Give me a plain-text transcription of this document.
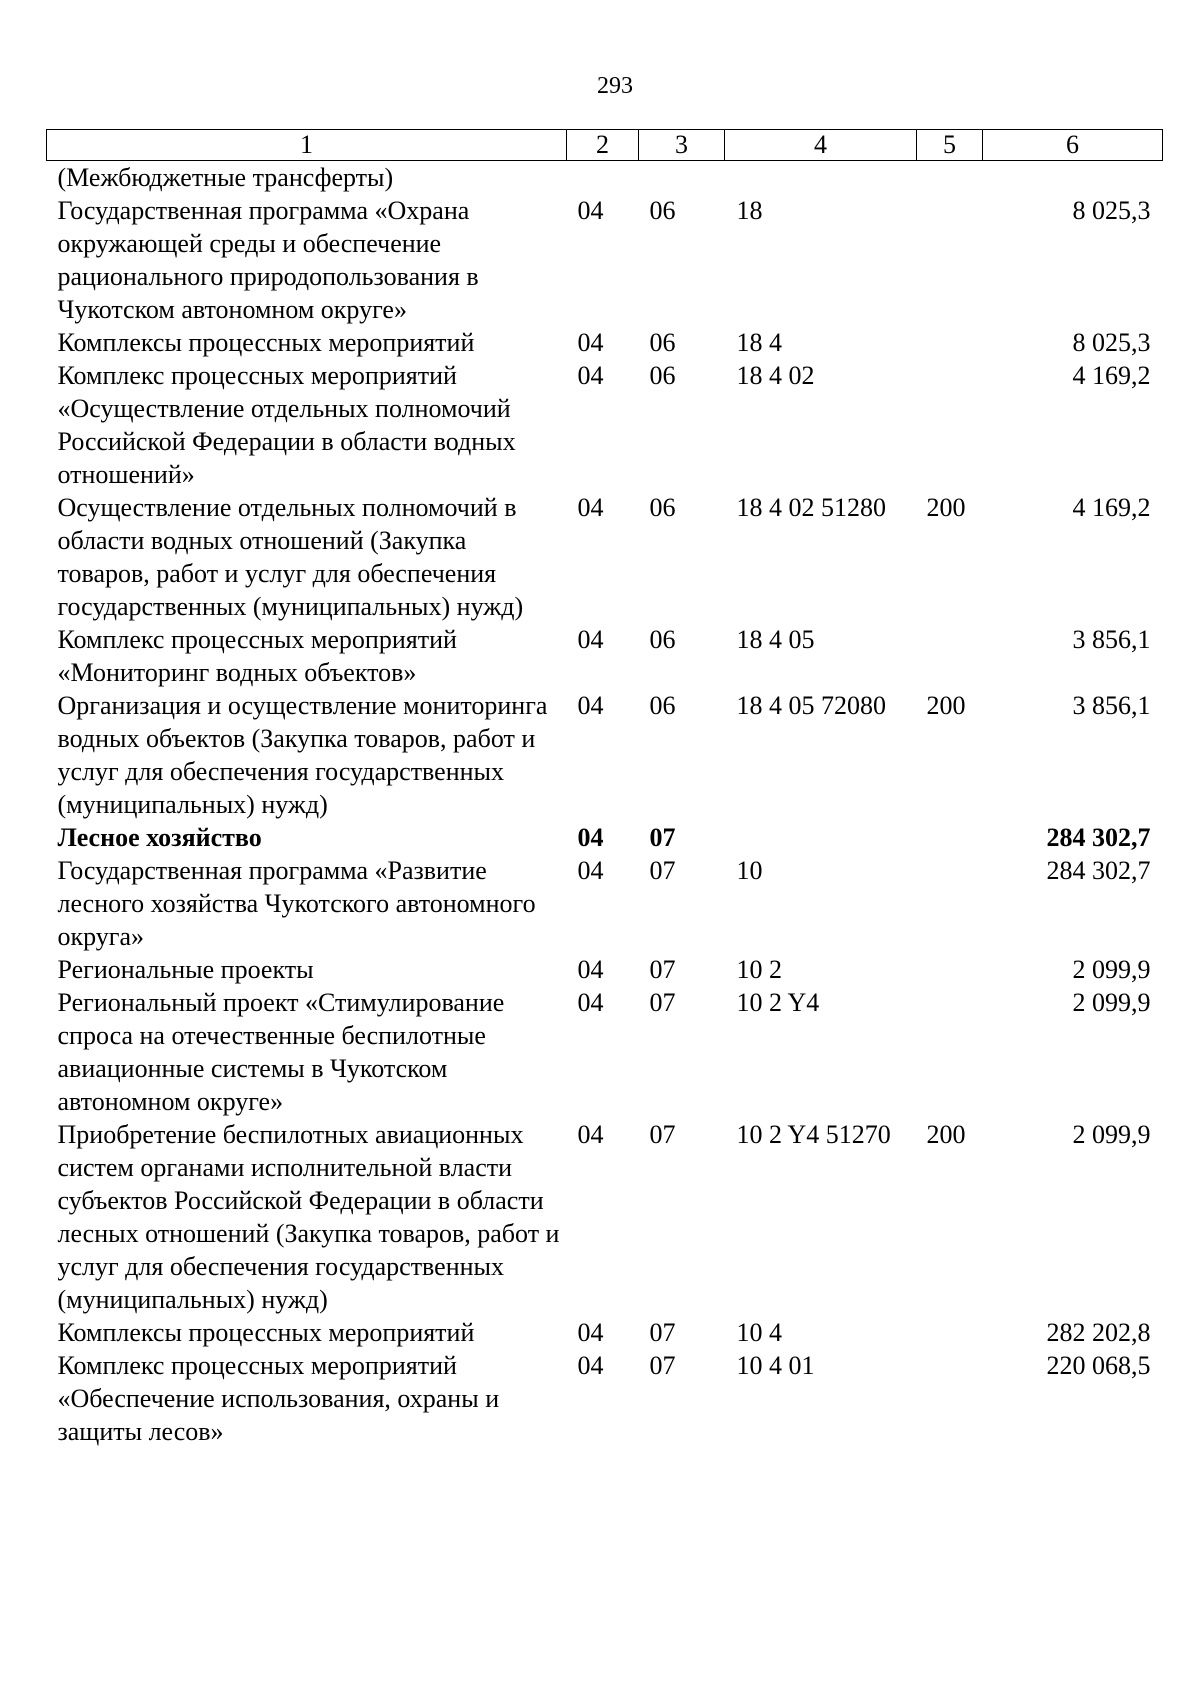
293
1	2	3	4	5	6
(Межбюджетные трансферты)					
Государственная программа «Охрана окружающей среды и обеспечение рационального природопользования в Чукотском автономном округе»	04	06	18		8 025,3
Комплексы процессных мероприятий	04	06	18 4		8 025,3
Комплекс процессных мероприятий «Осуществление отдельных полномочий Российской Федерации в области водных отношений»	04	06	18 4 02		4 169,2
Осуществление отдельных полномочий в области водных отношений (Закупка товаров, работ и услуг для обеспечения государственных (муниципальных) нужд)	04	06	18 4 02 51280	200	4 169,2
Комплекс процессных мероприятий «Мониторинг водных объектов»	04	06	18 4 05		3 856,1
Организация и осуществление мониторинга водных объектов (Закупка товаров, работ и услуг для обеспечения государственных (муниципальных) нужд)	04	06	18 4 05 72080	200	3 856,1
Лесное хозяйство	04	07			284 302,7
Государственная программа «Развитие лесного хозяйства Чукотского автономного округа»	04	07	10		284 302,7
Региональные проекты	04	07	10 2		2 099,9
Региональный проект «Стимулирование спроса на отечественные беспилотные авиационные системы в Чукотском автономном округе»	04	07	10 2 Y4		2 099,9
Приобретение беспилотных авиационных систем органами исполнительной власти субъектов Российской Федерации в области лесных отношений (Закупка товаров, работ и услуг для обеспечения государственных (муниципальных) нужд)	04	07	10 2 Y4 51270	200	2 099,9
Комплексы процессных мероприятий	04	07	10 4		282 202,8
Комплекс процессных мероприятий «Обеспечение использования, охраны и защиты лесов»	04	07	10 4 01		220 068,5
